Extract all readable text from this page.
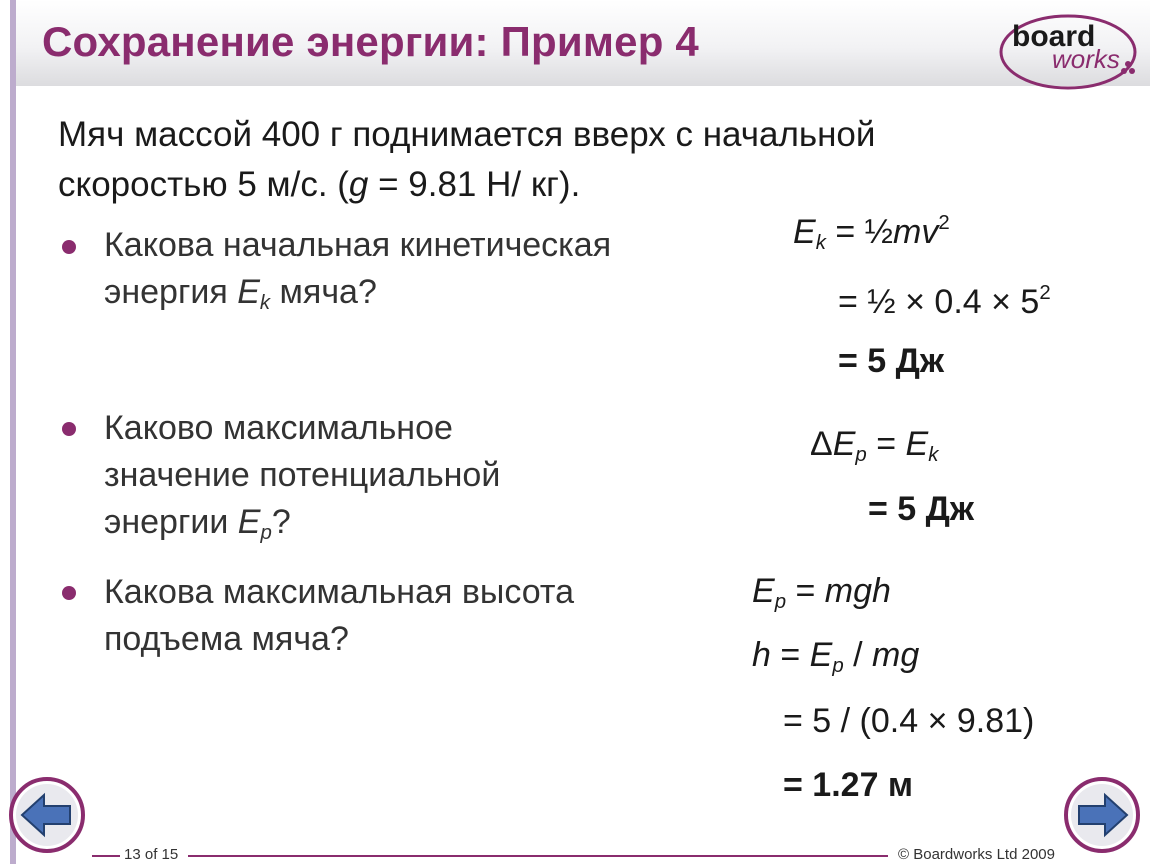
Сохранение энергии: Пример 4	board
works
Мяч массой 400 г поднимается вверх с начальной
скоростью 5 м/с. (g = 9.81 Н/ кг).
Какова начальная кинетическая
энергия $E_k$ мяча?
Каково максимальное
значение потенциальной
энергии $E_p$?
Какова максимальная высота
подъема мяча?
$E_k$ = $\frac{1}{2}mv^2$
= ½ × $0.4 \times 5^2$
= 5 Дж
$\Delta E_p = E_k$
= 5 Дж
$E_p$ = mgh
$h = E_p$ / mg
= 5 / (0.4 × 9.81)
= 1.27 м
13 of 15	© Boardworks Ltd 2009
